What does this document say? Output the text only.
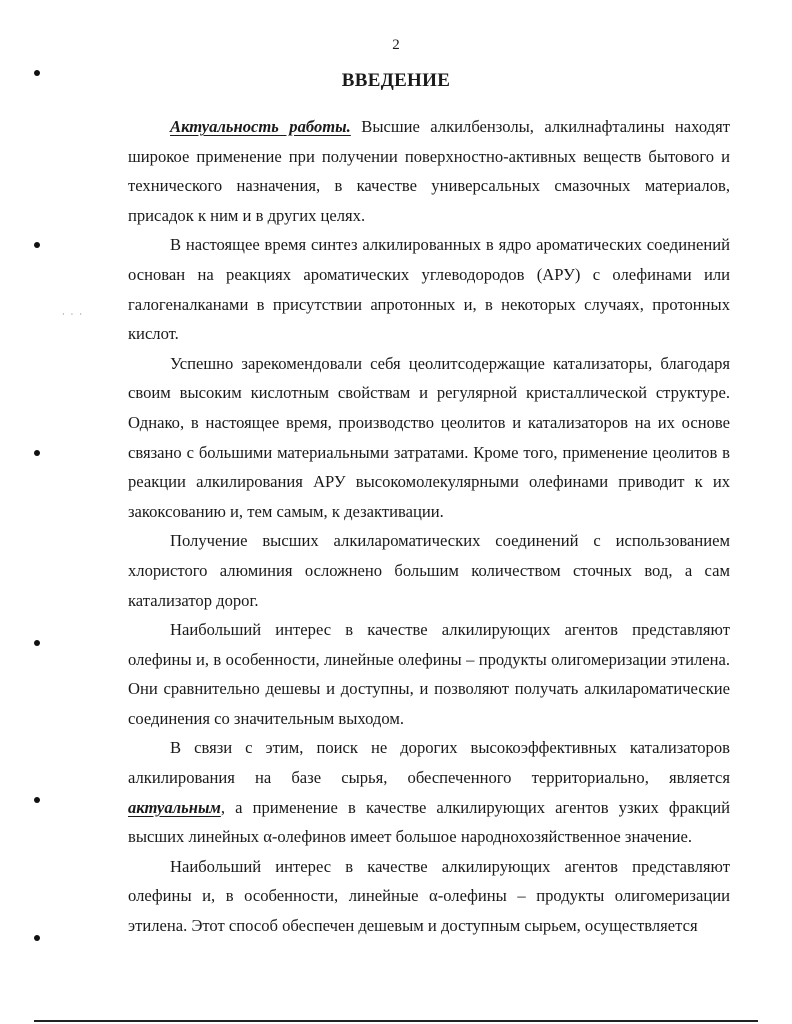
2
ВВЕДЕНИЕ
· · ·

Актуальность работы. Высшие алкилбензолы, алкилнафталины находят широкое применение при получении поверхностно-активных веществ бытового и технического назначения, в качестве универсальных смазочных материалов, присадок к ним и в других целях.

В настоящее время синтез алкилированных в ядро ароматических соединений основан на реакциях ароматических углеводородов (АРУ) с олефинами или галогеналканами в присутствии апротонных и, в некоторых случаях, протонных кислот.

Успешно зарекомендовали себя цеолитсодержащие катализаторы, благодаря своим высоким кислотным свойствам и регулярной кристаллической структуре. Однако, в настоящее время, производство цеолитов и катализаторов на их основе связано с большими материальными затратами. Кроме того, применение цеолитов в реакции алкилирования АРУ высокомолекулярными олефинами приводит к их закоксованию и, тем самым, к дезактивации.

Получение высших алкилароматических соединений с использованием хлористого алюминия осложнено большим количеством сточных вод, а сам катализатор дорог.

Наибольший интерес в качестве алкилирующих агентов представляют олефины и, в особенности, линейные олефины – продукты олигомеризации этилена. Они сравнительно дешевы и доступны, и позволяют получать алкилароматические соединения со значительным выходом.

В связи с этим, поиск не дорогих высокоэффективных катализаторов алкилирования на базе сырья, обеспеченного территориально, является актуальным, а применение в качестве алкилирующих агентов узких фракций высших линейных α-олефинов имеет большое народнохозяйственное значение.

Наибольший интерес в качестве алкилирующих агентов представляют олефины и, в особенности, линейные α-олефины – продукты олигомеризации этилена. Этот способ обеспечен дешевым и доступным сырьем, осуществляется
